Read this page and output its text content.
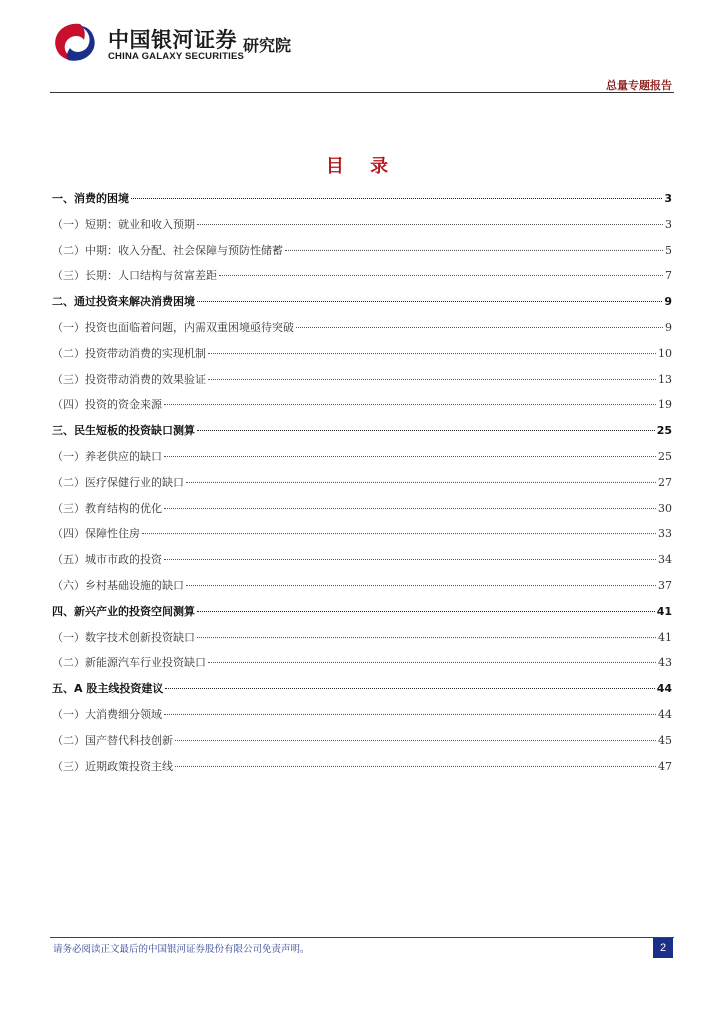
中国银河证券
CHINA GALAXY SECURITIES
研究院
总量专题报告
目 录
一、消费的困境	3
（一）短期：就业和收入预期	3
（二）中期：收入分配、社会保障与预防性储蓄	5
（三）长期：人口结构与贫富差距	7
二、通过投资来解决消费困境	9
（一）投资也面临着问题，内需双重困境亟待突破	9
（二）投资带动消费的实现机制	10
（三）投资带动消费的效果验证	13
（四）投资的资金来源	19
三、民生短板的投资缺口测算	25
（一）养老供应的缺口	25
（二）医疗保健行业的缺口	27
（三）教育结构的优化	30
（四）保障性住房	33
（五）城市市政的投资	34
（六）乡村基础设施的缺口	37
四、新兴产业的投资空间测算	41
（一）数字技术创新投资缺口	41
（二）新能源汽车行业投资缺口	43
五、A 股主线投资建议	44
（一）大消费细分领域	44
（二）国产替代科技创新	45
（三）近期政策投资主线	47
请务必阅读正文最后的中国银河证券股份有限公司免责声明。	2
